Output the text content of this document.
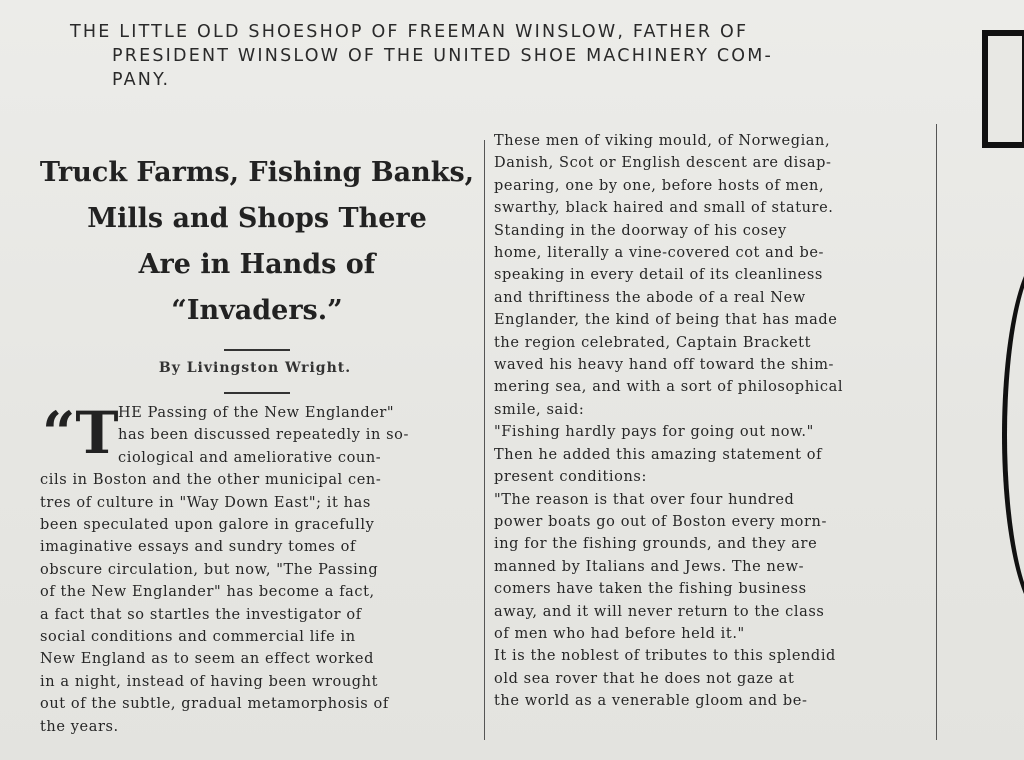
THE LITTLE OLD SHOESHOP OF FREEMAN WINSLOW, FATHER OF
PRESIDENT WINSLOW OF THE UNITED SHOE MACHINERY COM-
PANY.
Truck Farms, Fishing Banks,
Mills and Shops There
Are in Hands of
“Invaders.”
By Livingston Wright.
“T HE Passing of the New Englander"
has been discussed repeatedly in so-
ciological and ameliorative coun-
cils in Boston and the other municipal cen-
tres of culture in "Way Down East"; it has
been speculated upon galore in gracefully
imaginative essays and sundry tomes of
obscure circulation, but now, "The Passing
of the New Englander" has become a fact,
a fact that so startles the investigator of
social conditions and commercial life in
New England as to seem an effect worked
in a night, instead of having been wrought
out of the subtle, gradual metamorphosis of
the years.
These men of viking mould, of Norwegian,
Danish, Scot or English descent are disap-
pearing, one by one, before hosts of men,
swarthy, black haired and small of stature.
Standing in the doorway of his cosey
home, literally a vine-covered cot and be-
speaking in every detail of its cleanliness
and thriftiness the abode of a real New
Englander, the kind of being that has made
the region celebrated, Captain Brackett
waved his heavy hand off toward the shim-
mering sea, and with a sort of philosophical
smile, said:
"Fishing hardly pays for going out now."
Then he added this amazing statement of
present conditions:
"The reason is that over four hundred
power boats go out of Boston every morn-
ing for the fishing grounds, and they are
manned by Italians and Jews. The new-
comers have taken the fishing business
away, and it will never return to the class
of men who had before held it."
It is the noblest of tributes to this splendid
old sea rover that he does not gaze at
the world as a venerable gloom and be-
